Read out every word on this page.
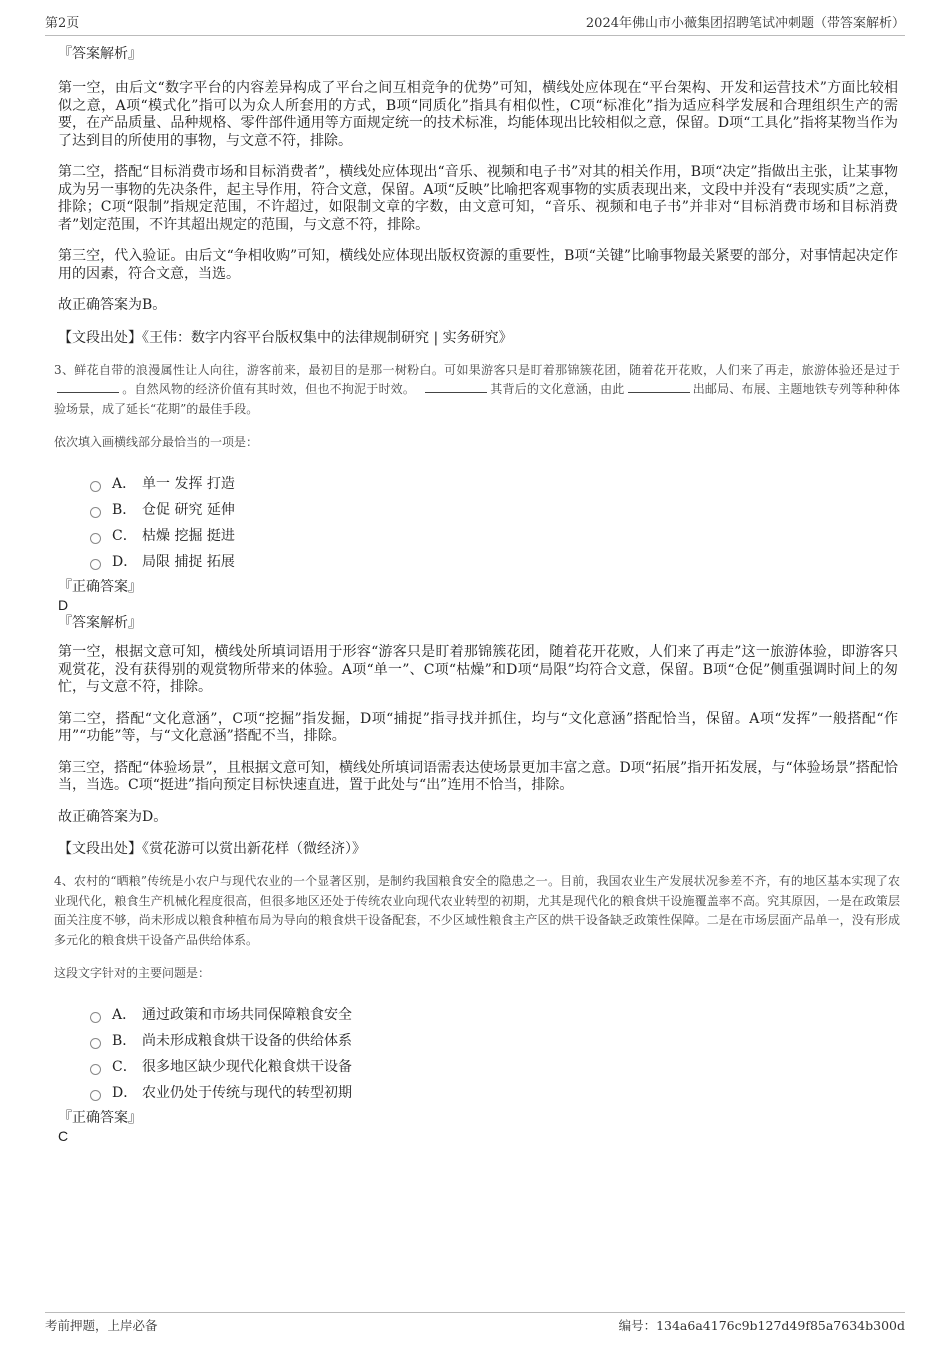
第2页	2024年佛山市小薇集团招聘笔试冲刺题（带答案解析）

『答案解析』

第一空，由后文“数字平台的内容差异构成了平台之间互相竞争的优势”可知，横线处应体现在“平台架构、开发和运营技术”方面比较相似之意，A项“模式化”指可以为众人所套用的方式，B项“同质化”指具有相似性，C项“标准化”指为适应科学发展和合理组织生产的需要，在产品质量、品种规格、零件部件通用等方面规定统一的技术标准，均能体现出比较相似之意，保留。D项“工具化”指将某物当作为了达到目的所使用的事物，与文意不符，排除。

第二空，搭配“目标消费市场和目标消费者”，横线处应体现出“音乐、视频和电子书”对其的相关作用，B项“决定”指做出主张，让某事物成为另一事物的先决条件，起主导作用，符合文意，保留。A项“反映”比喻把客观事物的实质表现出来，文段中并没有“表现实质”之意，排除；C项“限制”指规定范围，不许超过，如限制文章的字数，由文意可知，“音乐、视频和电子书”并非对“目标消费市场和目标消费者”划定范围，不许其超出规定的范围，与文意不符，排除。

第三空，代入验证。由后文“争相收购”可知，横线处应体现出版权资源的重要性，B项“关键”比喻事物最关紧要的部分，对事情起决定作用的因素，符合文意，当选。

故正确答案为B。

【文段出处】《王伟：数字内容平台版权集中的法律规制研究 | 实务研究》

3、鲜花自带的浪漫属性让人向往，游客前来，最初目的是那一树粉白。可如果游客只是盯着那锦簇花团，随着花开花败，人们来了再走，旅游体验还是过于。自然风物的经济价值有其时效，但也不拘泥于时效。	其背后的文化意涵，由此	出邮局、布展、主题地铁专列等种种体验场景，成了延长“花期”的最佳手段。

依次填入画横线部分最恰当的一项是：

A． 单一 发挥 打造
B． 仓促 研究 延伸
C． 枯燥 挖掘 挺进
D． 局限 捕捉 拓展

『正确答案』

D

『答案解析』

第一空，根据文意可知，横线处所填词语用于形容“游客只是盯着那锦簇花团，随着花开花败，人们来了再走”这一旅游体验，即游客只观赏花，没有获得别的观赏物所带来的体验。A项“单一”、C项“枯燥”和D项“局限”均符合文意，保留。B项“仓促”侧重强调时间上的匆忙，与文意不符，排除。

第二空，搭配“文化意涵”，C项“挖掘”指发掘，D项“捕捉”指寻找并抓住，均与“文化意涵”搭配恰当，保留。A项“发挥”一般搭配“作用”“功能”等，与“文化意涵”搭配不当，排除。

第三空，搭配“体验场景”，且根据文意可知，横线处所填词语需表达使场景更加丰富之意。D项“拓展”指开拓发展，与“体验场景”搭配恰当，当选。C项“挺进”指向预定目标快速直进，置于此处与“出”连用不恰当，排除。

故正确答案为D。

【文段出处】《赏花游可以赏出新花样（微经济）》

4、农村的“晒粮”传统是小农户与现代农业的一个显著区别，是制约我国粮食安全的隐患之一。目前，我国农业生产发展状况参差不齐，有的地区基本实现了农业现代化，粮食生产机械化程度很高，但很多地区还处于传统农业向现代农业转型的初期，尤其是现代化的粮食烘干设施覆盖率不高。究其原因，一是在政策层面关注度不够，尚未形成以粮食种植布局为导向的粮食烘干设备配套，不少区域性粮食主产区的烘干设备缺乏政策性保障。二是在市场层面产品单一，没有形成多元化的粮食烘干设备产品供给体系。

这段文字针对的主要问题是：

A． 通过政策和市场共同保障粮食安全
B． 尚未形成粮食烘干设备的供给体系
C． 很多地区缺少现代化粮食烘干设备
D． 农业仍处于传统与现代的转型初期

『正确答案』

C

考前押题，上岸必备	编号：134a6a4176c9b127d49f85a7634b300d
